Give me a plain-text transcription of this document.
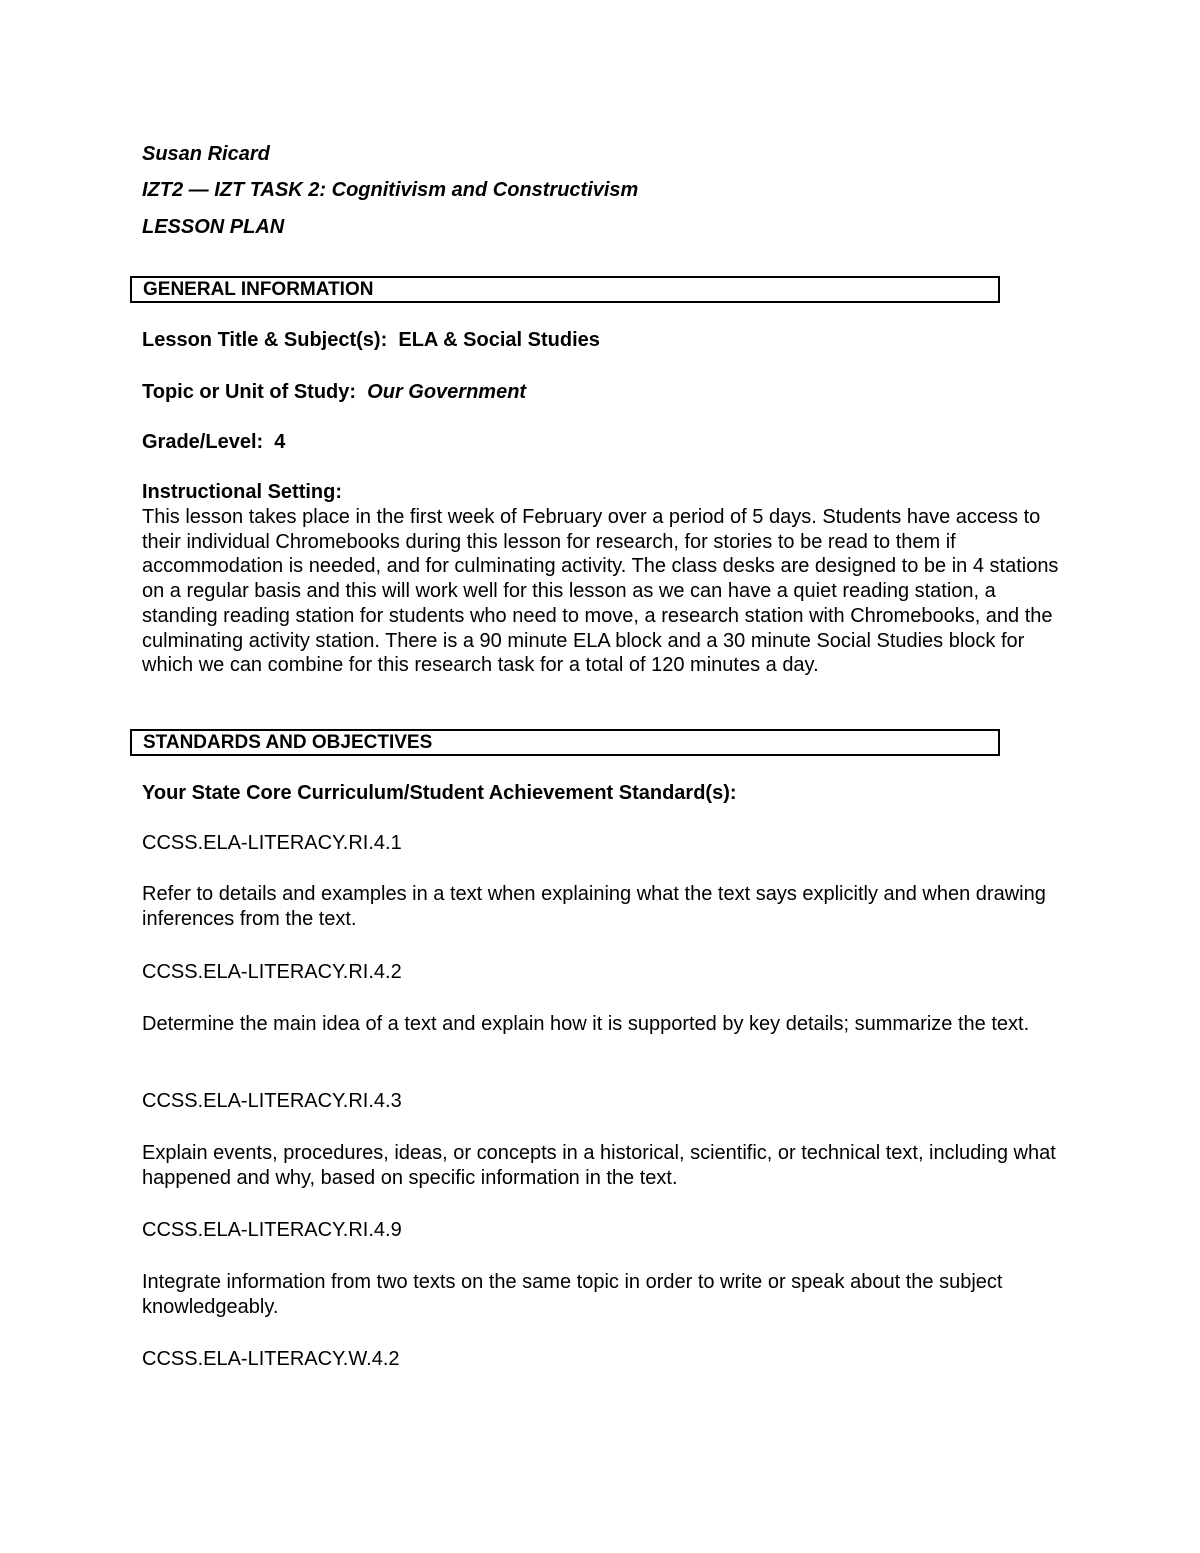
Susan Ricard

IZT2 — IZT TASK 2: Cognitivism and Constructivism

LESSON PLAN

GENERAL INFORMATION

Lesson Title & Subject(s): ELA & Social Studies

Topic or Unit of Study: Our Government

Grade/Level: 4

Instructional Setting:

This lesson takes place in the first week of February over a period of 5 days. Students have access to their individual Chromebooks during this lesson for research, for stories to be read to them if accommodation is needed, and for culminating activity. The class desks are designed to be in 4 stations on a regular basis and this will work well for this lesson as we can have a quiet reading station, a standing reading station for students who need to move, a research station with Chromebooks, and the culminating activity station. There is a 90 minute ELA block and a 30 minute Social Studies block for which we can combine for this research task for a total of 120 minutes a day.

STANDARDS AND OBJECTIVES

Your State Core Curriculum/Student Achievement Standard(s):

CCSS.ELA-LITERACY.RI.4.1

Refer to details and examples in a text when explaining what the text says explicitly and when drawing inferences from the text.

CCSS.ELA-LITERACY.RI.4.2

Determine the main idea of a text and explain how it is supported by key details; summarize the text.

CCSS.ELA-LITERACY.RI.4.3

Explain events, procedures, ideas, or concepts in a historical, scientific, or technical text, including what happened and why, based on specific information in the text.

CCSS.ELA-LITERACY.RI.4.9

Integrate information from two texts on the same topic in order to write or speak about the subject knowledgeably.

CCSS.ELA-LITERACY.W.4.2
